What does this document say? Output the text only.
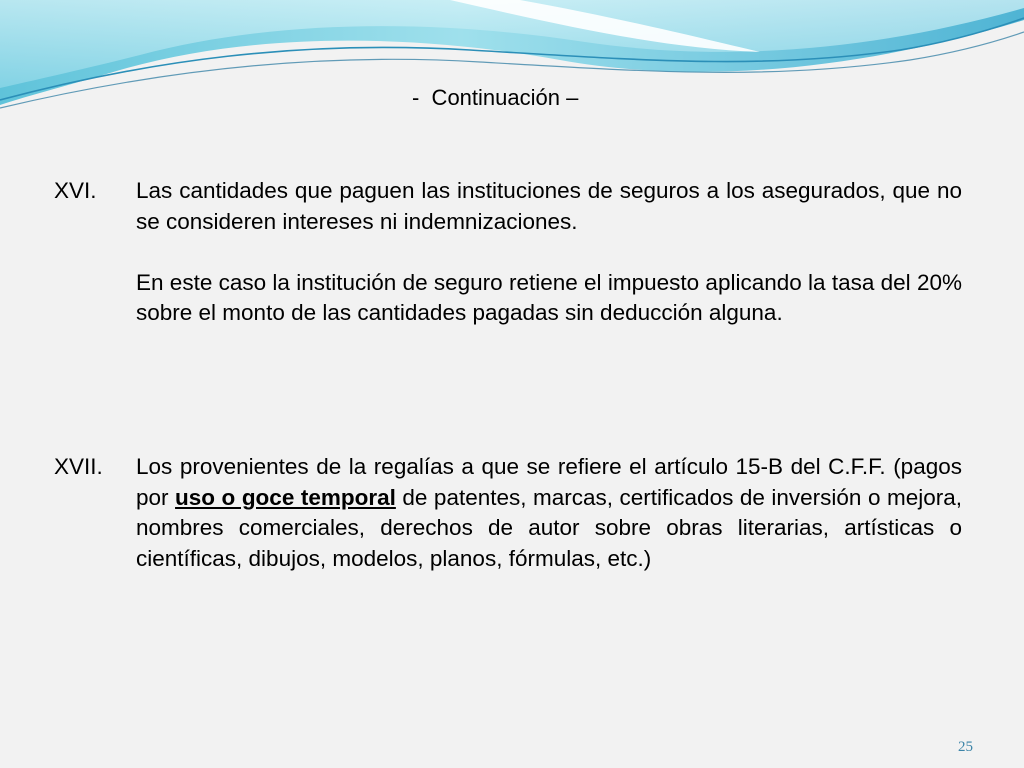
-  Continuación –
XVI. Las cantidades que paguen las instituciones de seguros a los asegurados, que no se consideren intereses ni indemnizaciones.

En este caso la institución de seguro retiene el impuesto aplicando la tasa del 20% sobre el monto de las cantidades pagadas sin deducción alguna.

XVII. Los provenientes de la regalías a que se refiere el artículo 15-B del C.F.F. (pagos por uso o goce temporal de patentes, marcas, certificados de inversión o mejora, nombres comerciales, derechos de autor sobre obras literarias, artísticas o científicas, dibujos, modelos, planos, fórmulas, etc.)

25
